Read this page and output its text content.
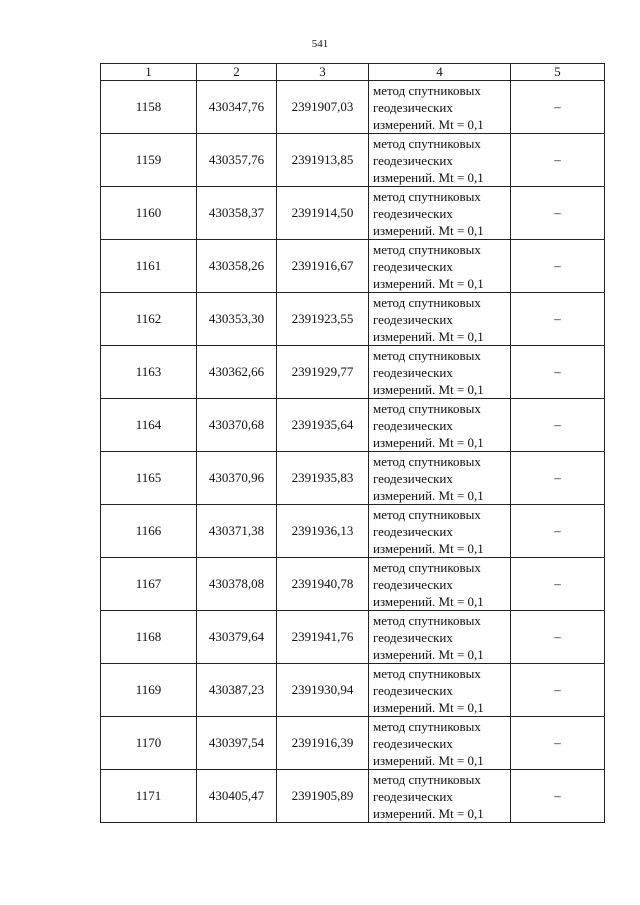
541
1	2	3	4	5
1158	430347,76	2391907,03	метод спутниковых
геодезических
измерений. Mt = 0,1	–
1159	430357,76	2391913,85	метод спутниковых
геодезических
измерений. Mt = 0,1	–
1160	430358,37	2391914,50	метод спутниковых
геодезических
измерений. Mt = 0,1	–
1161	430358,26	2391916,67	метод спутниковых
геодезических
измерений. Mt = 0,1	–
1162	430353,30	2391923,55	метод спутниковых
геодезических
измерений. Mt = 0,1	–
1163	430362,66	2391929,77	метод спутниковых
геодезических
измерений. Mt = 0,1	–
1164	430370,68	2391935,64	метод спутниковых
геодезических
измерений. Mt = 0,1	–
1165	430370,96	2391935,83	метод спутниковых
геодезических
измерений. Mt = 0,1	–
1166	430371,38	2391936,13	метод спутниковых
геодезических
измерений. Mt = 0,1	–
1167	430378,08	2391940,78	метод спутниковых
геодезических
измерений. Mt = 0,1	–
1168	430379,64	2391941,76	метод спутниковых
геодезических
измерений. Mt = 0,1	–
1169	430387,23	2391930,94	метод спутниковых
геодезических
измерений. Mt = 0,1	–
1170	430397,54	2391916,39	метод спутниковых
геодезических
измерений. Mt = 0,1	–
1171	430405,47	2391905,89	метод спутниковых
геодезических
измерений. Mt = 0,1	–
